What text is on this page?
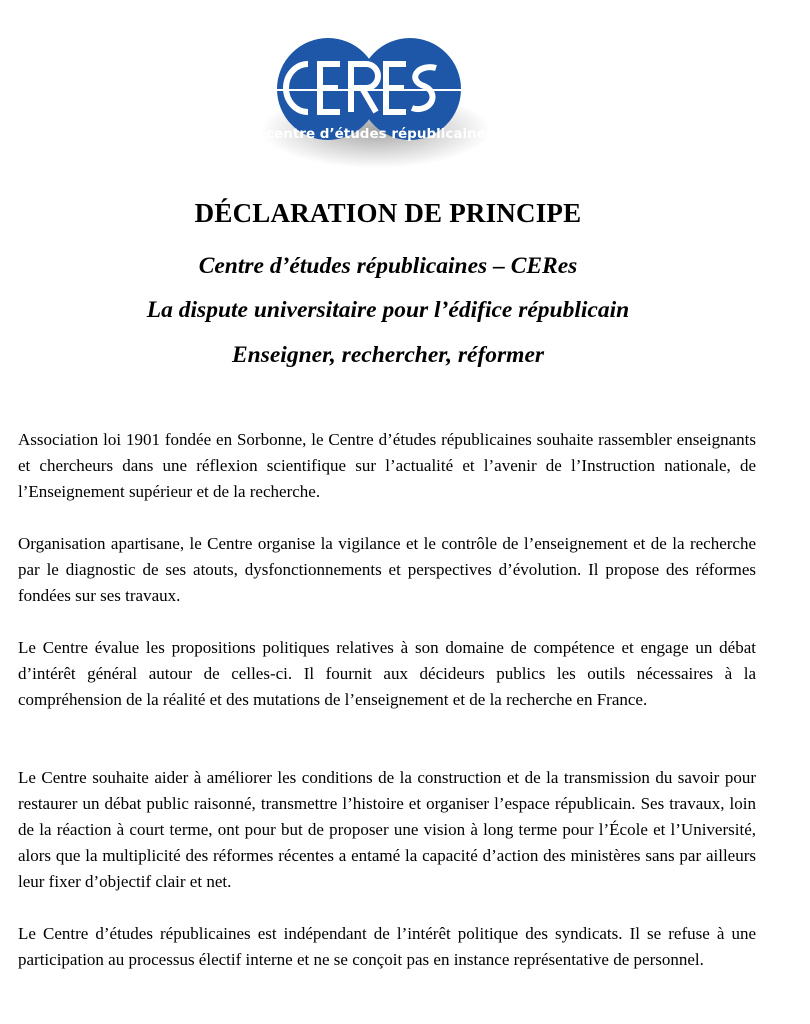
centre d’études républicaines
DÉCLARATION DE PRINCIPE
Centre d’études républicaines – CERes
La dispute universitaire pour l’édifice républicain
Enseigner, rechercher, réformer

Association loi 1901 fondée en Sorbonne, le Centre d’études républicaines souhaite rassembler enseignants et chercheurs dans une réflexion scientifique sur l’actualité et l’avenir de l’Instruction nationale, de l’Enseignement supérieur et de la recherche.

Organisation apartisane, le Centre organise la vigilance et le contrôle de l’enseignement et de la recherche par le diagnostic de ses atouts, dysfonctionnements et perspectives d’évolution. Il propose des réformes fondées sur ses travaux.

Le Centre évalue les propositions politiques relatives à son domaine de compétence et engage un débat d’intérêt général autour de celles-ci. Il fournit aux décideurs publics les outils nécessaires à la compréhension de la réalité et des mutations de l’enseignement et de la recherche en France.

Le Centre souhaite aider à améliorer les conditions de la construction et de la transmission du savoir pour restaurer un débat public raisonné, transmettre l’histoire et organiser l’espace républicain. Ses travaux, loin de la réaction à court terme, ont pour but de proposer une vision à long terme pour l’École et l’Université, alors que la multiplicité des réformes récentes a entamé la capacité d’action des ministères sans par ailleurs leur fixer d’objectif clair et net.

Le Centre d’études républicaines est indépendant de l’intérêt politique des syndicats. Il se refuse à une participation au processus électif interne et ne se conçoit pas en instance représentative de personnel.
